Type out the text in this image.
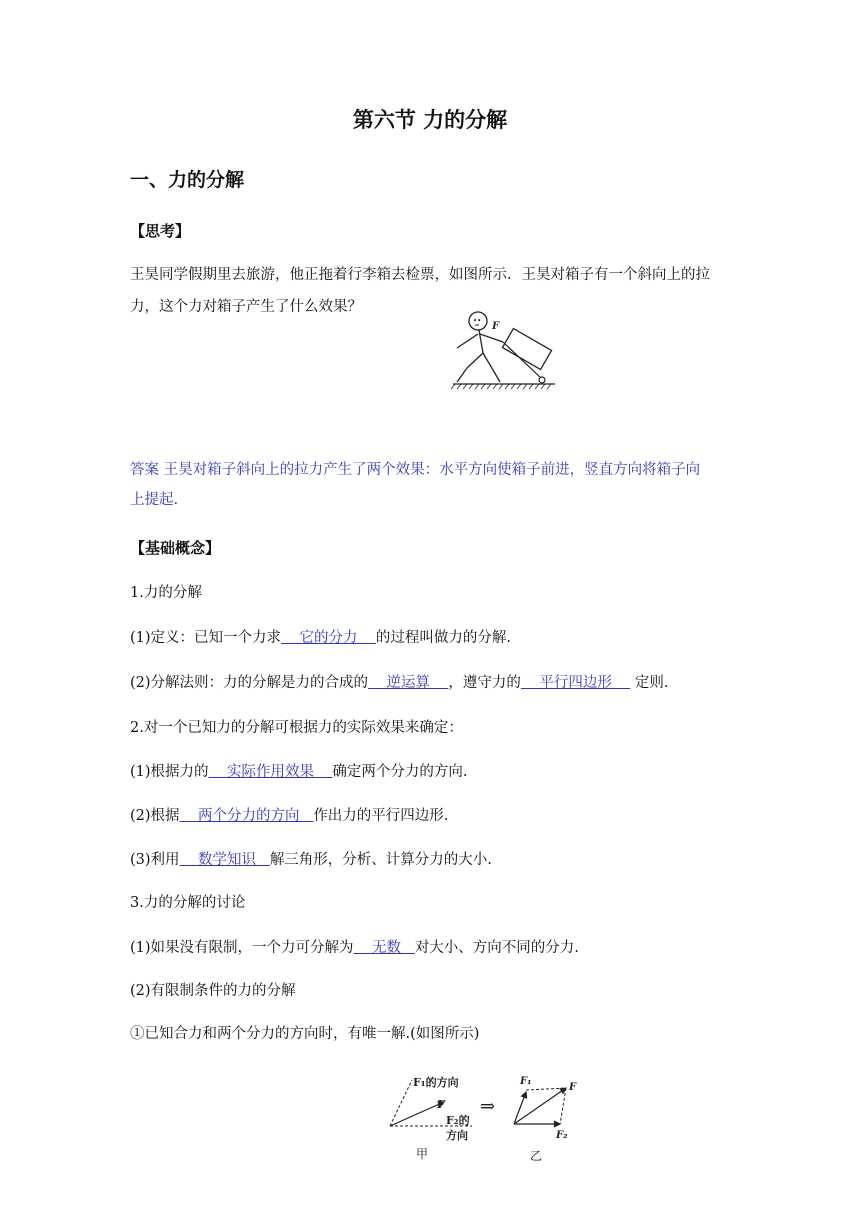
第六节 力的分解
一、力的分解
【思考】
王昊同学假期里去旅游，他正拖着行李箱去检票，如图所示．王昊对箱子有一个斜向上的拉
力，这个力对箱子产生了什么效果？
•• F
答案 王昊对箱子斜向上的拉力产生了两个效果：水平方向使箱子前进，竖直方向将箱子向
上提起.
【基础概念】
1.力的分解
(1)定义：已知一个力求    它的分力    的过程叫做力的分解.
(2)分解法则：力的分解是力的合成的    逆运算    ，遵守力的    平行四边形     定则.
2.对一个已知力的分解可根据力的实际效果来确定：
(1)根据力的    实际作用效果    确定两个分力的方向.
(2)根据    两个分力的方向   作出力的平行四边形.
(3)利用    数学知识   解三角形，分析、计算分力的大小.
3.力的分解的讨论
(1)如果没有限制，一个力可分解为    无数   对大小、方向不同的分力.
(2)有限制条件的力的分解
①已知合力和两个分力的方向时，有唯一解.(如图所示)
F₁的方向
F
F₂的
方向
⇒
甲
F₁
F
F₂
乙
